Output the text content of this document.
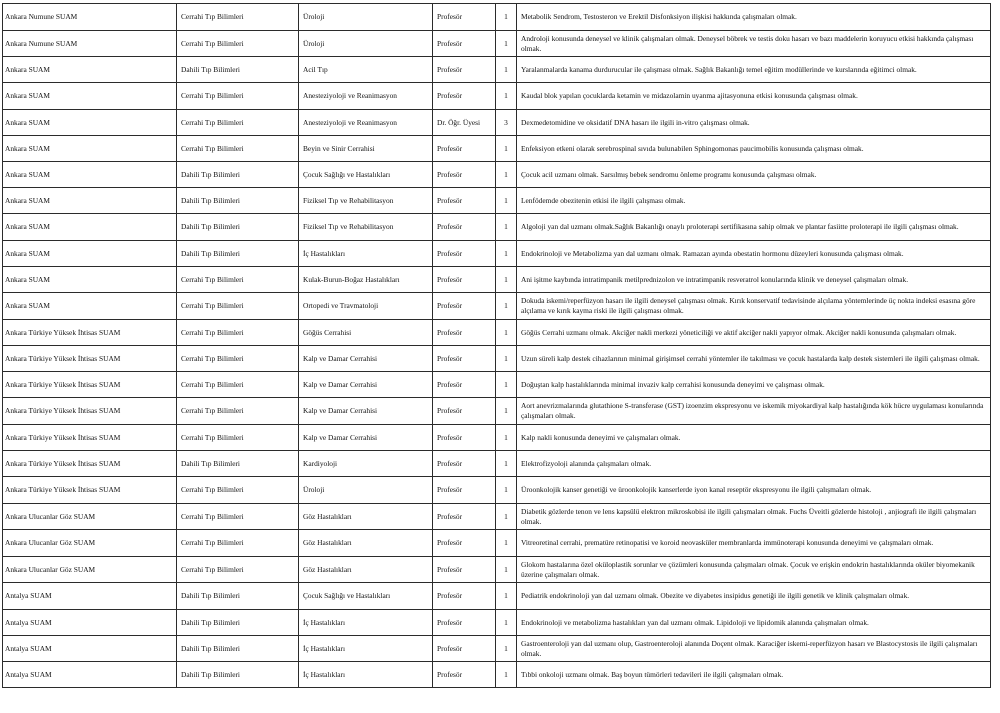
Ankara Numune SUAM	Cerrahi Tıp Bilimleri	Üroloji	Profesör	1	Metabolik Sendrom, Testosteron ve Erektil Disfonksiyon ilişkisi hakkında çalışmaları olmak.
Ankara Numune SUAM	Cerrahi Tıp Bilimleri	Üroloji	Profesör	1	Androloji konusunda deneysel ve klinik çalışmaları olmak. Deneysel böbrek ve testis doku hasarı ve bazı maddelerin koruyucu etkisi hakkında çalışması olmak.
Ankara SUAM	Dahili Tıp Bilimleri	Acil Tıp	Profesör	1	Yaralanmalarda kanama durdurucular ile çalışması olmak. Sağlık Bakanlığı temel eğitim modüllerinde ve kurslarında eğitimci olmak.
Ankara SUAM	Cerrahi Tıp Bilimleri	Anesteziyoloji ve Reanimasyon	Profesör	1	Kaudal blok yapılan çocuklarda ketamin ve midazolamin uyanma ajitasyonuna etkisi konusunda çalışması olmak.
Ankara SUAM	Cerrahi Tıp Bilimleri	Anesteziyoloji ve Reanimasyon	Dr. Öğr. Üyesi	3	Dexmedetomidine ve oksidatif DNA hasarı ile ilgili in-vitro çalışması olmak.
Ankara SUAM	Cerrahi Tıp Bilimleri	Beyin ve Sinir Cerrahisi	Profesör	1	Enfeksiyon etkeni olarak serebrospinal sıvıda bulunabilen Sphingomonas paucimobilis konusunda çalışması olmak.
Ankara SUAM	Dahili Tıp Bilimleri	Çocuk Sağlığı ve Hastalıkları	Profesör	1	Çocuk acil uzmanı olmak. Sarsılmış bebek sendromu önleme programı konusunda çalışması olmak.
Ankara SUAM	Dahili Tıp Bilimleri	Fiziksel Tıp ve Rehabilitasyon	Profesör	1	Lenfödemde obezitenin etkisi ile ilgili çalışması olmak.
Ankara SUAM	Dahili Tıp Bilimleri	Fiziksel Tıp ve Rehabilitasyon	Profesör	1	Algoloji yan dal uzmanı olmak.Sağlık Bakanlığı onaylı proloterapi sertifikasına sahip olmak ve plantar fasiitte proloterapi ile ilgili çalışması olmak.
Ankara SUAM	Dahili Tıp Bilimleri	İç Hastalıkları	Profesör	1	Endokrinoloji ve Metabolizma yan dal uzmanı olmak. Ramazan ayında obestatin hormonu düzeyleri konusunda çalışması olmak.
Ankara SUAM	Cerrahi Tıp Bilimleri	Kulak-Burun-Boğaz Hastalıkları	Profesör	1	Ani işitme kaybında intratimpanik metilprednizolon ve intratimpanik resveratrol konularında klinik ve deneysel çalışmaları olmak.
Ankara SUAM	Cerrahi Tıp Bilimleri	Ortopedi ve Travmatoloji	Profesör	1	Dokuda iskemi/reperfüzyon hasarı ile ilgili deneysel çalışması olmak. Kırık konservatif tedavisinde alçılama yöntemlerinde üç nokta indeksi esasına göre alçılama ve kırık kayma riski ile ilgili çalışması olmak.
Ankara Türkiye Yüksek İhtisas SUAM	Cerrahi Tıp Bilimleri	Göğüs Cerrahisi	Profesör	1	Göğüs Cerrahi uzmanı olmak. Akciğer nakli merkezi yöneticiliği ve aktif akciğer nakli yapıyor olmak. Akciğer nakli konusunda çalışmaları olmak.
Ankara Türkiye Yüksek İhtisas SUAM	Cerrahi Tıp Bilimleri	Kalp ve Damar Cerrahisi	Profesör	1	Uzun süreli kalp destek cihazlarının minimal girişimsel cerrahi yöntemler ile takılması ve çocuk hastalarda kalp destek sistemleri ile ilgili çalışması olmak.
Ankara Türkiye Yüksek İhtisas SUAM	Cerrahi Tıp Bilimleri	Kalp ve Damar Cerrahisi	Profesör	1	Doğuştan kalp hastalıklarında minimal invaziv kalp cerrahisi konusunda deneyimi ve çalışması olmak.
Ankara Türkiye Yüksek İhtisas SUAM	Cerrahi Tıp Bilimleri	Kalp ve Damar Cerrahisi	Profesör	1	Aort anevrizmalarında glutathione S-transferase (GST) izoenzim ekspresyonu ve iskemik miyokardiyal kalp hastalığında kök hücre uygulaması konularında çalışmaları olmak.
Ankara Türkiye Yüksek İhtisas SUAM	Cerrahi Tıp Bilimleri	Kalp ve Damar Cerrahisi	Profesör	1	Kalp nakli konusunda deneyimi ve çalışmaları olmak.
Ankara Türkiye Yüksek İhtisas SUAM	Dahili Tıp Bilimleri	Kardiyoloji	Profesör	1	Elektrofizyoloji alanında çalışmaları olmak.
Ankara Türkiye Yüksek İhtisas SUAM	Cerrahi Tıp Bilimleri	Üroloji	Profesör	1	Üroonkolojik kanser genetiği ve üroonkolojik kanserlerde iyon kanal reseptör ekspresyonu ile ilgili çalışmaları olmak.
Ankara Ulucanlar Göz SUAM	Cerrahi Tıp Bilimleri	Göz Hastalıkları	Profesör	1	Diabetik gözlerde tenon ve lens kapsülü elektron mikroskobisi ile ilgili çalışmaları olmak. Fuchs Üveitli gözlerde histoloji , anjiografi ile ilgili çalışmaları olmak.
Ankara Ulucanlar Göz SUAM	Cerrahi Tıp Bilimleri	Göz Hastalıkları	Profesör	1	Vitreoretinal cerrahi, prematüre retinopatisi ve koroid neovasküler membranlarda immünoterapi konusunda deneyimi ve çalışmaları olmak.
Ankara Ulucanlar Göz SUAM	Cerrahi Tıp Bilimleri	Göz Hastalıkları	Profesör	1	Glokom hastalarına özel oküloplastik sorunlar ve çözümleri konusunda çalışmaları olmak. Çocuk ve erişkin endokrin hastalıklarında oküler biyomekanik üzerine çalışmaları olmak.
Antalya SUAM	Dahili Tıp Bilimleri	Çocuk Sağlığı ve Hastalıkları	Profesör	1	Pediatrik endokrinoloji yan dal uzmanı olmak. Obezite ve diyabetes insipidus genetiği ile ilgili genetik ve klinik çalışmaları olmak.
Antalya SUAM	Dahili Tıp Bilimleri	İç Hastalıkları	Profesör	1	Endokrinoloji ve metabolizma hastalıkları yan dal uzmanı olmak. Lipidoloji ve lipidomik alanında çalışmaları olmak.
Antalya SUAM	Dahili Tıp Bilimleri	İç Hastalıkları	Profesör	1	Gastroenteroloji yan dal uzmanı olup, Gastroenteroloji alanında Doçent olmak. Karaciğer iskemi-reperfüzyon hasarı ve Blastocystosis ile ilgili çalışmaları olmak.
Antalya SUAM	Dahili Tıp Bilimleri	İç Hastalıkları	Profesör	1	Tıbbi onkoloji uzmanı olmak. Baş boyun tümörleri tedavileri ile ilgili çalışmaları olmak.
